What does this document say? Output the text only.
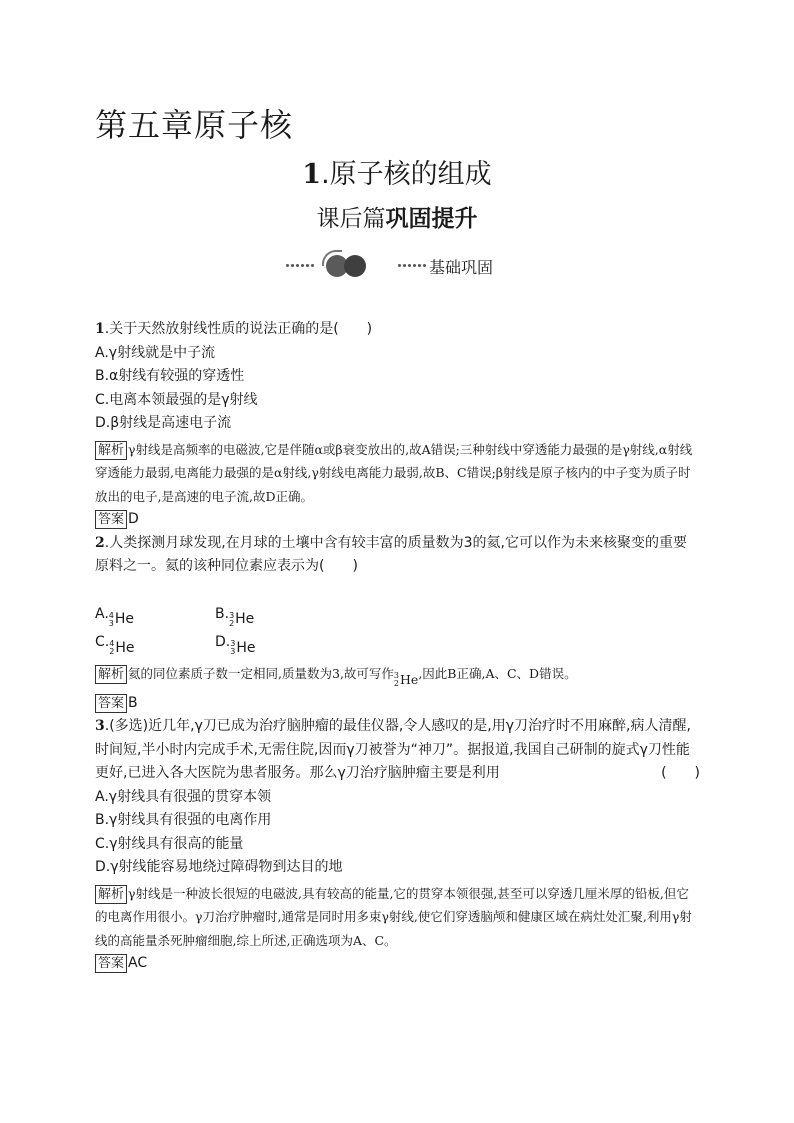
第五章原子核
1.原子核的组成
课后篇巩固提升
基础巩固
1.关于天然放射线性质的说法正确的是(　　)
A.γ射线就是中子流
B.α射线有较强的穿透性
C.电离本领最强的是γ射线
D.β射线是高速电子流
解析 γ射线是高频率的电磁波,它是伴随α或β衰变放出的,故A错误;三种射线中穿透能力最强的是γ射线,α射线穿透能力最弱,电离能力最强的是α射线,γ射线电离能力最弱,故B、C错误;β射线是原子核内的中子变为质子时放出的电子,是高速的电子流,故D正确。
答案 D
2.人类探测月球发现,在月球的土壤中含有较丰富的质量数为3的氦,它可以作为未来核聚变的重要
原料之一。氦的该种同位素应表示为(　　)
A. 4
3 He	B. 3
2 He
C. 4
2 He	D. 3
3 He
解析 氦的同位素质子数一定相同,质量数为3,故可写作 3
2 He ,因此B正确,A、C、D错误。
答案 B
3.(多选)近几年,γ刀已成为治疗脑肿瘤的最佳仪器,令人感叹的是,用γ刀治疗时不用麻醉,病人清醒,
时间短,半小时内完成手术,无需住院,因而γ刀被誉为“神刀”。据报道,我国自己研制的旋式γ刀性能
更好,已进入各大医院为患者服务。那么γ刀治疗脑肿瘤主要是利用	(　　)
A.γ射线具有很强的贯穿本领
B.γ射线具有很强的电离作用
C.γ射线具有很高的能量
D.γ射线能容易地绕过障碍物到达目的地
解析 γ射线是一种波长很短的电磁波,具有较高的能量,它的贯穿本领很强,甚至可以穿透几厘米厚的铅板,但它的电离作用很小。γ刀治疗肿瘤时,通常是同时用多束γ射线,使它们穿透脑颅和健康区域在病灶处汇聚,利用γ射线的高能量杀死肿瘤细胞,综上所述,正确选项为A、C。
答案 AC
